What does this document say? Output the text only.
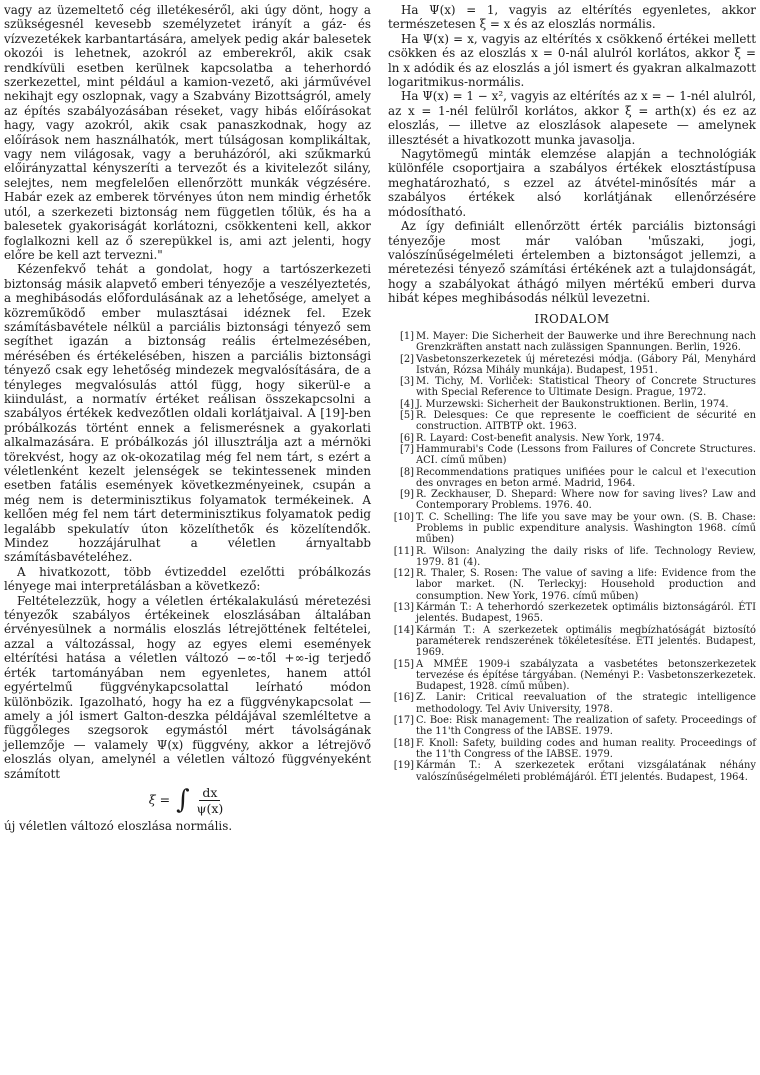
vagy az üzemeltető cég illetékeséről, aki úgy dönt, hogy a szükségesnél kevesebb személyzetet irányít a gáz- és vízvezetékek karbantartására, amelyek pedig akár balesetek okozói is lehetnek, azokról az emberekről, akik csak rendkívüli esetben kerülnek kapcsolatba a teherhordó szerkezettel, mint például a kamion-vezető, aki járművével nekihajt egy oszlopnak, vagy a Szabvány Bizottságról, amely az építés szabályozásában réseket, vagy hibás előírásokat hagy, vagy azokról, akik csak panaszkodnak, hogy az előírások nem használhatók, mert túlságosan komplikáltak, vagy nem világosak, vagy a beruházóról, aki szűkmarkú előirányzattal kényszeríti a tervezőt és a kivitelezőt silány, selejtes, nem megfelelően ellenőrzött munkák végzésére. Habár ezek az emberek törvényes úton nem mindig érhetők utól, a szerkezeti biztonság nem független tőlük, és ha a balesetek gyakoriságát korlátozni, csökkenteni kell, akkor foglalkozni kell az ő szerepükkel is, ami azt jelenti, hogy előre be kell azt tervezni."

Kézenfekvő tehát a gondolat, hogy a tartószerkezeti biztonság másik alapvető emberi tényezője a veszélyeztetés, a meghibásodás előfordulásának az a lehetősége, amelyet a közreműködő ember mulasztásai idéznek fel. Ezek számításbavétele nélkül a parciális biztonsági tényező sem segíthet igazán a biztonság reális értelmezésében, mérésében és értékelésében, hiszen a parciális biztonsági tényező csak egy lehetőség mindezek megvalósítására, de a tényleges megvalósulás attól függ, hogy sikerül-e a kiindulást, a normatív értéket reálisan összekapcsolni a szabályos értékek kedvezőtlen oldali korlátjaival. A [19]-ben próbálkozás történt ennek a felismerésnek a gyakorlati alkalmazására. E próbálkozás jól illusztrálja azt a mérnöki törekvést, hogy az ok-okozatilag még fel nem tárt, s ezért a véletlenként kezelt jelenségek se tekintessenek minden esetben fatális események következményeinek, csupán a még nem is determinisztikus folyamatok termékeinek. A kellően még fel nem tárt determinisztikus folyamatok pedig legalább spekulatív úton közelíthetők és közelítendők. Mindez hozzájárulhat a véletlen árnyaltabb számításbavételéhez.

A hivatkozott, több évtizeddel ezelőtti próbálkozás lényege mai interpretálásban a következő:

Feltételezzük, hogy a véletlen értékalakulású méretezési tényezők szabályos értékeinek eloszlásában általában érvényesülnek a normális eloszlás létrejöttének feltételei, azzal a változással, hogy az egyes elemi események eltérítési hatása a véletlen változó −∞-től +∞-ig terjedő érték tartományában nem egyenletes, hanem attól egyértelmű függvénykapcsolattal leírható módon különbözik. Igazolható, hogy ha ez a függvénykapcsolat — amely a jól ismert Galton-deszka példájával szemléltetve a függőleges szegsorok egymástól mért távolságának jellemzője — valamely Ψ(x) függvény, akkor a létrejövő eloszlás olyan, amelynél a véletlen változó függvényeként számított

ξ = ∫ $\frac{dx}{\psi(x)}$

új véletlen változó eloszlása normális.

Ha Ψ(x) = 1, vagyis az eltérítés egyenletes, akkor természetesen ξ = x és az eloszlás normális.

Ha Ψ(x) = x, vagyis az eltérítés x csökkenő értékei mellett csökken és az eloszlás x = 0-nál alulról korlátos, akkor ξ = ln x adódik és az eloszlás a jól ismert és gyakran alkalmazott logaritmikus-normális.

Ha Ψ(x) = 1 − x², vagyis az eltérítés az x = − 1-nél alulról, az x = 1-nél felülről korlátos, akkor ξ = arth(x) és ez az eloszlás, — illetve az eloszlások alapesete — amelynek illesztését a hivatkozott munka javasolja.

Nagytömegű minták elemzése alapján a technológiák különféle csoportjaira a szabályos értékek elosztástípusa meghatározható, s ezzel az átvétel-minősítés már a szabályos értékek alsó korlátjának ellenőrzésére módosítható.

Az így definiált ellenőrzött érték parciális biztonsági tényezője most már valóban 'műszaki, jogi, valószínűségelméleti értelemben a biztonságot jellemzi, a méretezési tényező számítási értékének azt a tulajdonságát, hogy a szabályokat áthágó milyen mértékű emberi durva hibát képes meghibásodás nélkül levezetni.

IRODALOM
[1] M. Mayer: Die Sicherheit der Bauwerke und ihre Berechnung nach Grenzkräften anstatt nach zulässigen Spannungen. Berlin, 1926.
[2] Vasbetonszerkezetek új méretezési módja. (Gábory Pál, Menyhárd István, Rózsa Mihály munkája). Budapest, 1951.
[3] M. Tichy, M. Vorliček: Statistical Theory of Concrete Structures with Special Reference to Ultimate Design. Prague, 1972.
[4] J. Murzewski: Sicherheit der Baukonstruktionen. Berlin, 1974.
[5] R. Delesques: Ce que represente le coefficient de sécurité en construction. AITBTP okt. 1963.
[6] R. Layard: Cost-benefit analysis. New York, 1974.
[7] Hammurabi's Code (Lessons from Failures of Concrete Structures. ACI. című műben)
[8] Recommendations pratiques unifiées pour le calcul et l'execution des onvrages en beton armé. Madrid, 1964.
[9] R. Zeckhauser, D. Shepard: Where now for saving lives? Law and Contemporary Problems. 1976. 40.
[10] T. C. Schelling: The life you save may be your own. (S. B. Chase: Problems in public expenditure analysis. Washington 1968. című műben)
[11] R. Wilson: Analyzing the daily risks of life. Technology Review, 1979. 81 (4).
[12] R. Thaler, S. Rosen: The value of saving a life: Evidence from the labor market. (N. Terleckyj: Household production and consumption. New York, 1976. című műben)
[13] Kármán T.: A teherhordó szerkezetek optimális biztonságáról. ÉTI jelentés. Budapest, 1965.
[14] Kármán T.: A szerkezetek optimális megbízhatóságát biztosító paraméterek rendszerének tökéletesítése. ÉTI jelentés. Budapest, 1969.
[15] A MMÉE 1909-i szabályzata a vasbetétes betonszerkezetek tervezése és építése tárgyában. (Neményi P.: Vasbetonszerkezetek. Budapest, 1928. című műben).
[16] Z. Lanir: Critical reevaluation of the strategic intelligence methodology. Tel Aviv University, 1978.
[17] C. Boe: Risk management: The realization of safety. Proceedings of the 11'th Congress of the IABSE. 1979.
[18] F. Knoll: Safety, building codes and human reality. Proceedings of the 11'th Congress of the IABSE. 1979.
[19] Kármán T.: A szerkezetek erőtani vizsgálatának néhány valószínűségelméleti problémájáról. ÉTI jelentés. Budapest, 1964.
